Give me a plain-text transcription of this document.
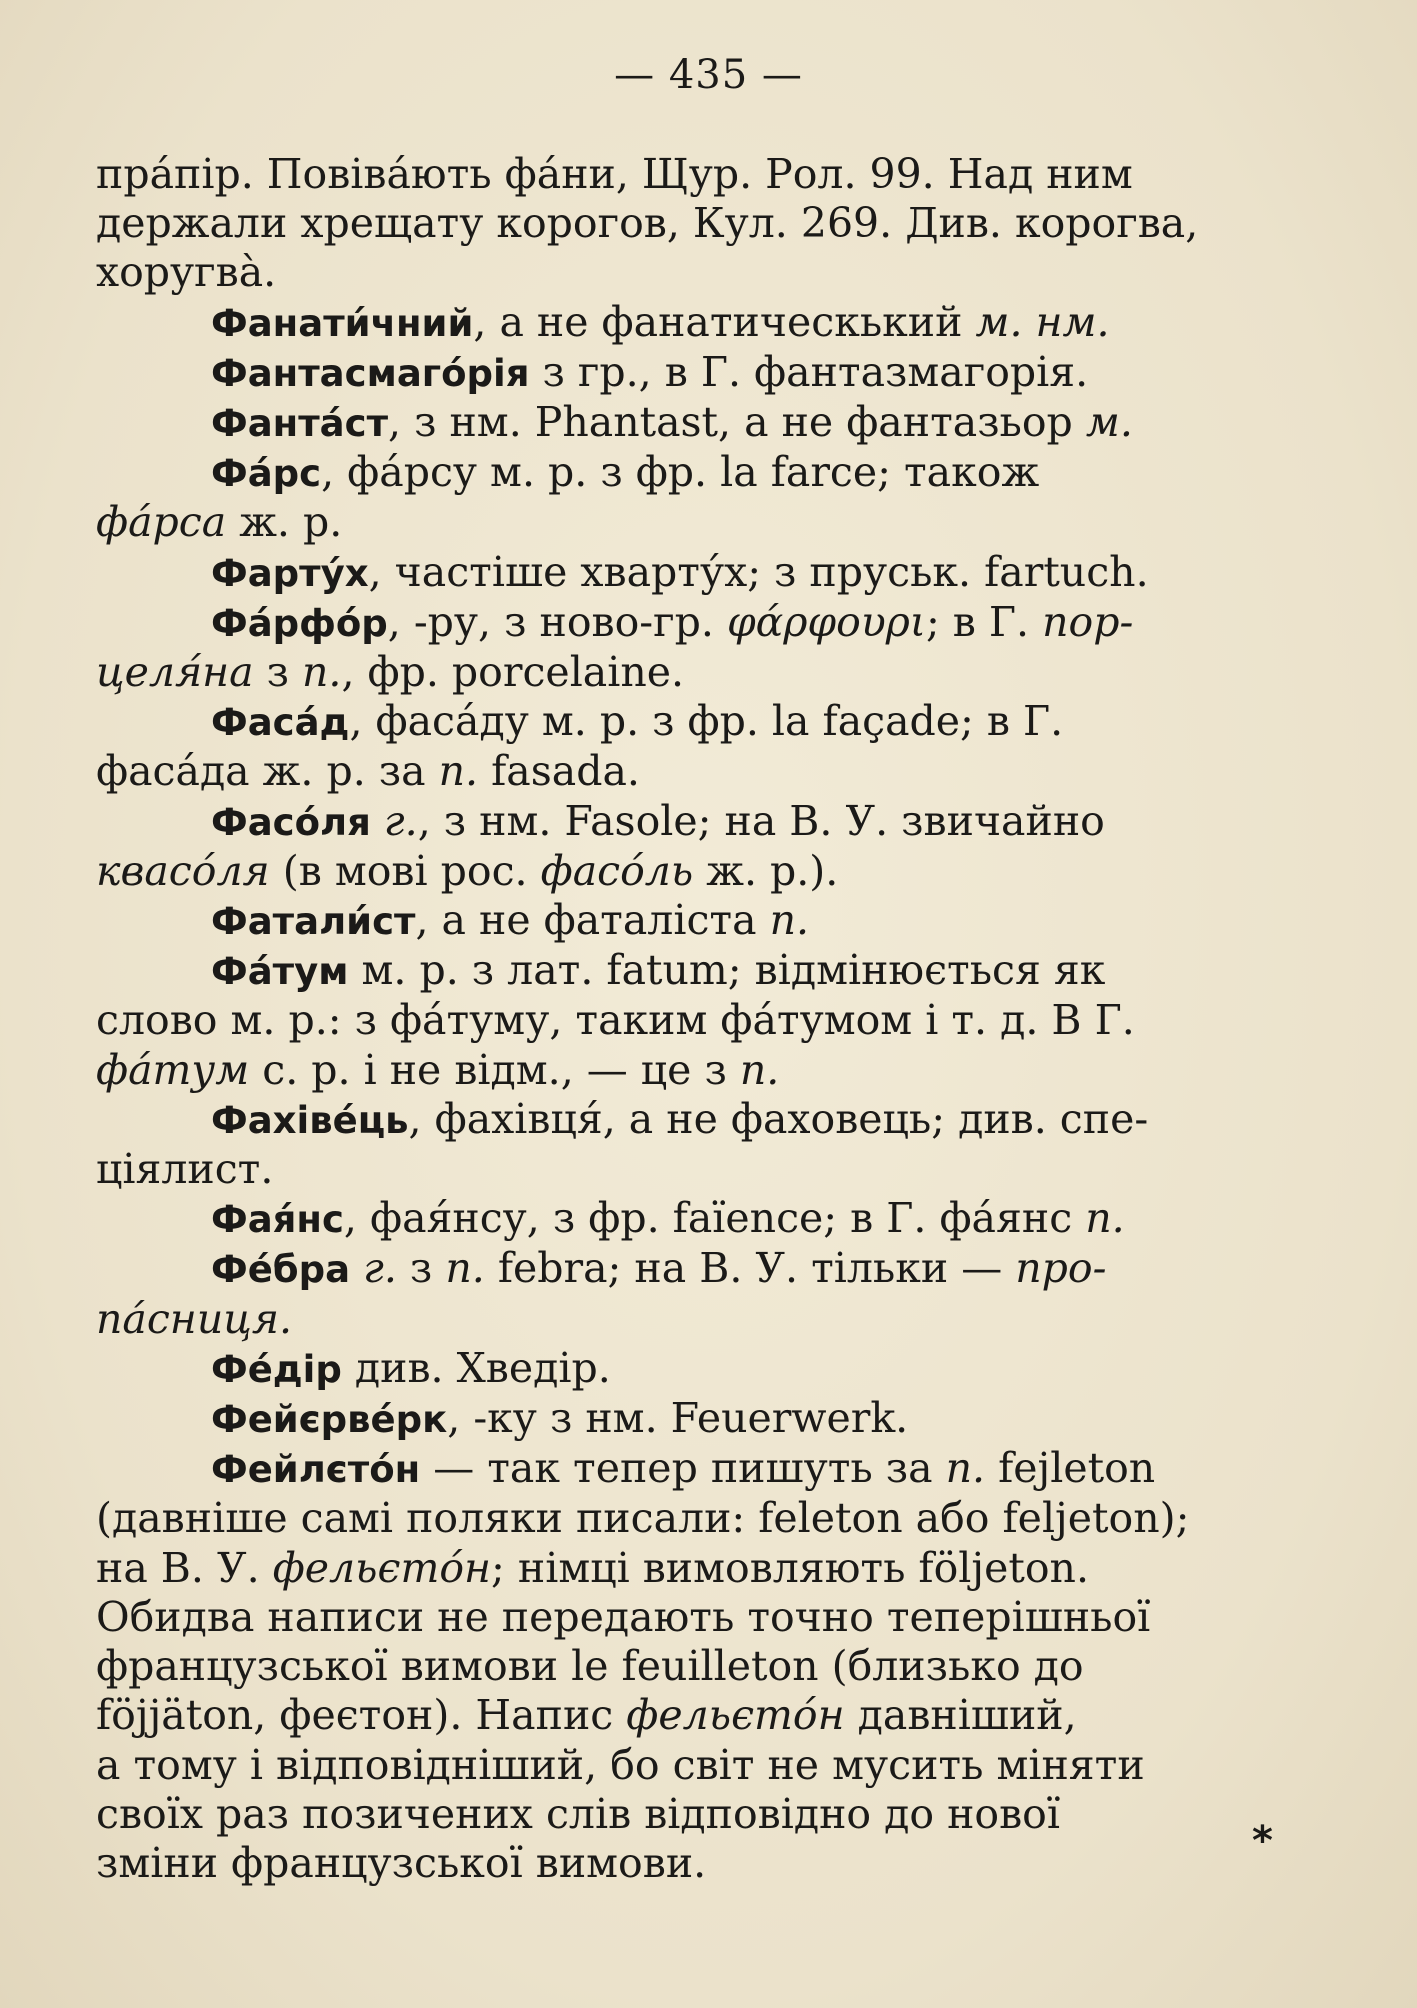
— 435 —
пра́пір. Повіва́ють фа́ни, Щур. Рол. 99. Над ним
держали хрещату корогов, Кул. 269. Див. корогва,
хоругва̀.
Фанати́чний, а не фанатическький м. нм.
Фантасмаго́рія з гр., в Г. фантазмагорія.
Фанта́ст, з нм. Phantast, а не фантазьор м.
Фа́рс, фа́рсу м. р. з фр. la farce; також
фа́рса ж. р.
Фарту́х, частіше хварту́х; з пруськ. fartuch.
Фа́рфо́р, -ру, з ново-гр. φάρφουρι; в Г. пор-
целя́на з п., фр. porcelaine.
Фаса́д, фаса́ду м. р. з фр. la façade; в Г.
фаса́да ж. р. за п. fasada.
Фасо́ля г., з нм. Fasole; на В. У. звичайно
квасо́ля (в мові рос. фасо́ль ж. р.).
Фатали́ст, а не фаталіста п.
Фа́тум м. р. з лат. fatum; відмінюється як
слово м. р.: з фа́туму, таким фа́тумом і т. д. В Г.
фа́тум с. р. і не відм., — це з п.
Фахіве́ць, фахівця́, а не фаховець; див. спе-
ціялист.
Фая́нс, фая́нсу, з фр. faïence; в Г. фа́янс п.
Фе́бра г. з п. febra; на В. У. тільки — про-
па́сниця.
Фе́дір див. Хведір.
Фейєрве́рк, -ку з нм. Feuerwerk.
Фейлєто́н — так тепер пишуть за п. fejleton
(давніше самі поляки писали: feleton або feljeton);
на В. У. фельєто́н; німці вимовляють följeton.
Обидва написи не передають точно теперішньої
французської вимови le feuilleton (близько до
föjjäton, феєтон). Напис фельєто́н давніший,
а тому і відповідніший, бо світ не мусить міняти
своїх раз позичених слів відповідно до нової
зміни французської вимови.	*
